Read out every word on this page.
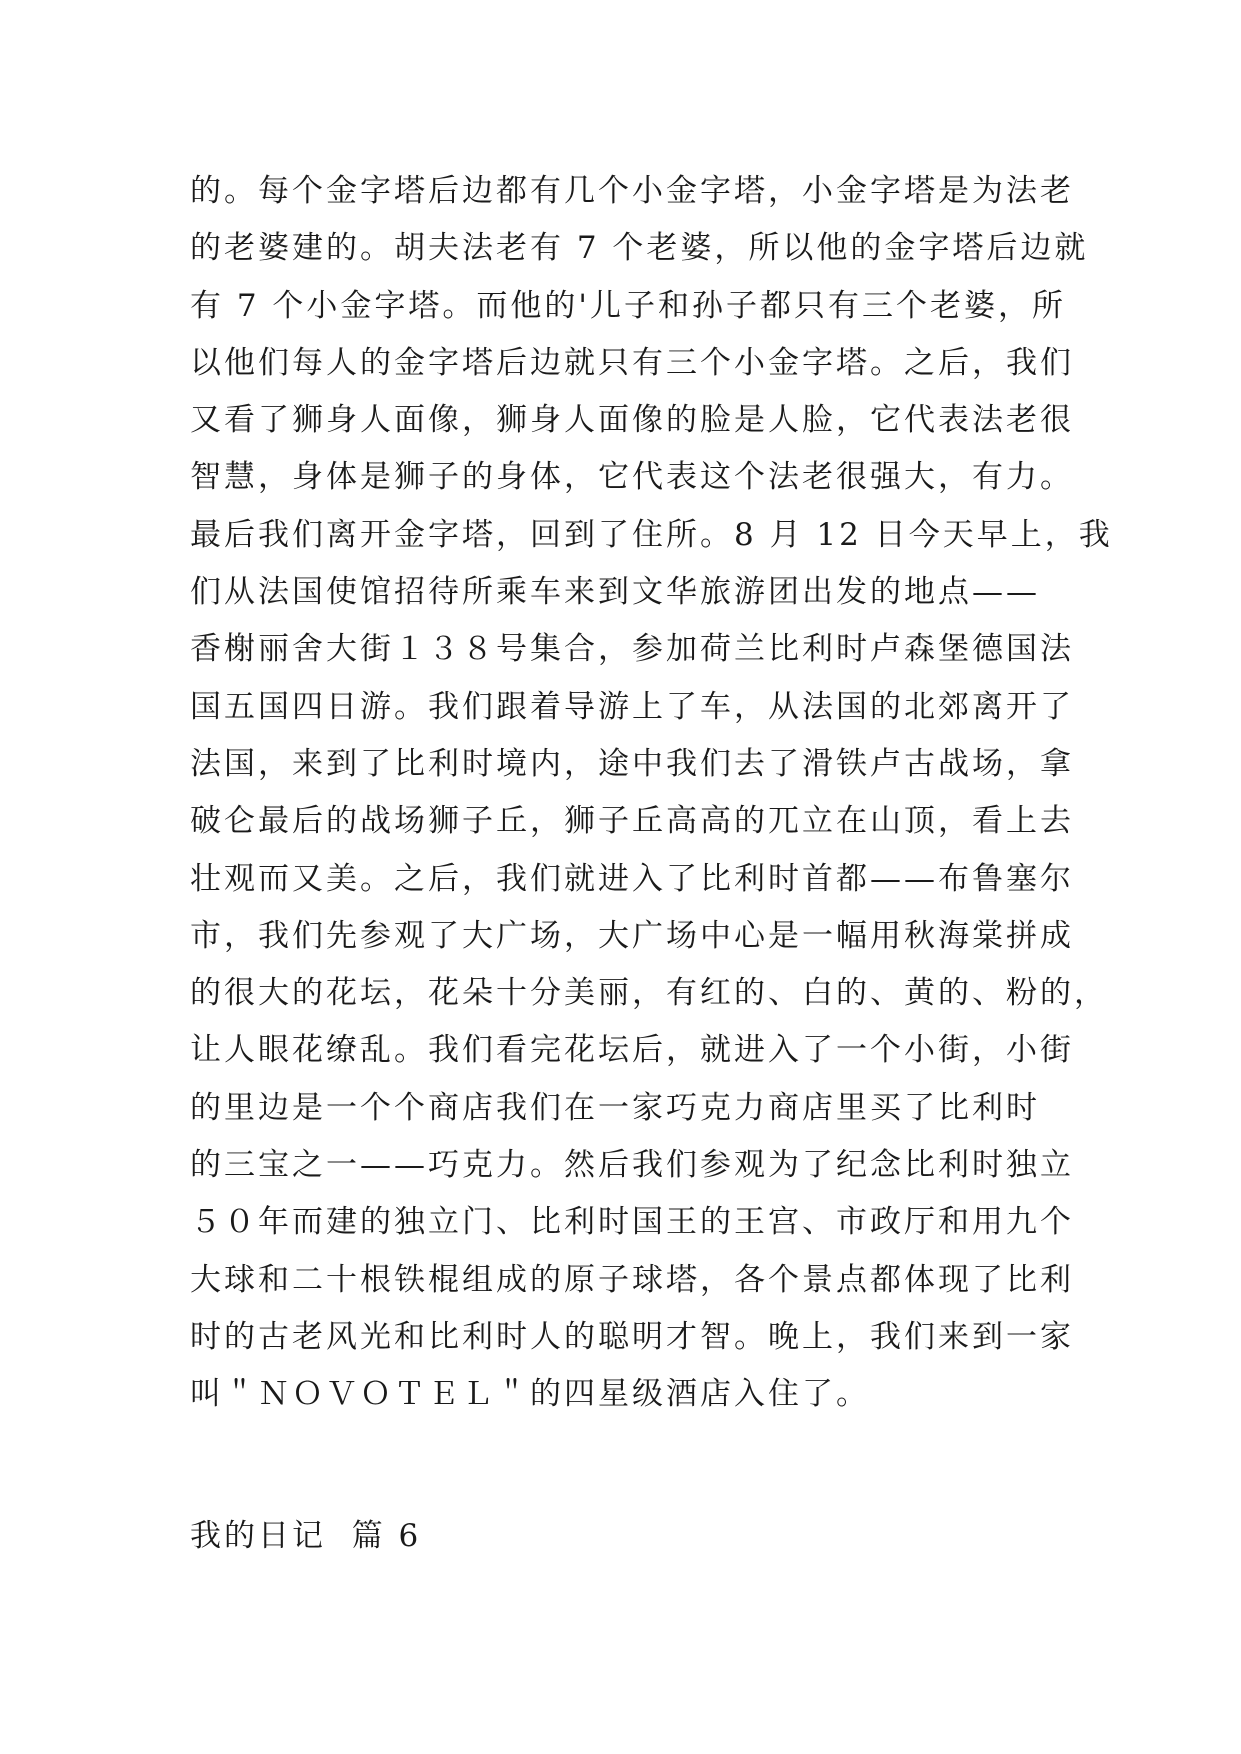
的。每个金字塔后边都有几个小金字塔，小金字塔是为法老
的老婆建的。胡夫法老有 7 个老婆，所以他的金字塔后边就
有 7 个小金字塔。而他的'儿子和孙子都只有三个老婆，所
以他们每人的金字塔后边就只有三个小金字塔。之后，我们
又看了狮身人面像，狮身人面像的脸是人脸，它代表法老很
智慧，身体是狮子的身体，它代表这个法老很强大，有力。
最后我们离开金字塔，回到了住所。8 月 12 日今天早上，我
们从法国使馆招待所乘车来到文华旅游团出发的地点——
香榭丽舍大街１３８号集合，参加荷兰比利时卢森堡德国法
国五国四日游。我们跟着导游上了车，从法国的北郊离开了
法国，来到了比利时境内，途中我们去了滑铁卢古战场，拿
破仑最后的战场狮子丘，狮子丘高高的兀立在山顶，看上去
壮观而又美。之后，我们就进入了比利时首都——布鲁塞尔
市，我们先参观了大广场，大广场中心是一幅用秋海棠拼成
的很大的花坛，花朵十分美丽，有红的、白的、黄的、粉的，
让人眼花缭乱。我们看完花坛后，就进入了一个小街，小街
的里边是一个个商店我们在一家巧克力商店里买了比利时
的三宝之一——巧克力。然后我们参观为了纪念比利时独立
５０年而建的独立门、比利时国王的王宫、市政厅和用九个
大球和二十根铁棍组成的原子球塔，各个景点都体现了比利
时的古老风光和比利时人的聪明才智。晚上，我们来到一家
叫＂ＮＯＶＯＴＥＬ＂的四星级酒店入住了。
我的日记  篇 6
